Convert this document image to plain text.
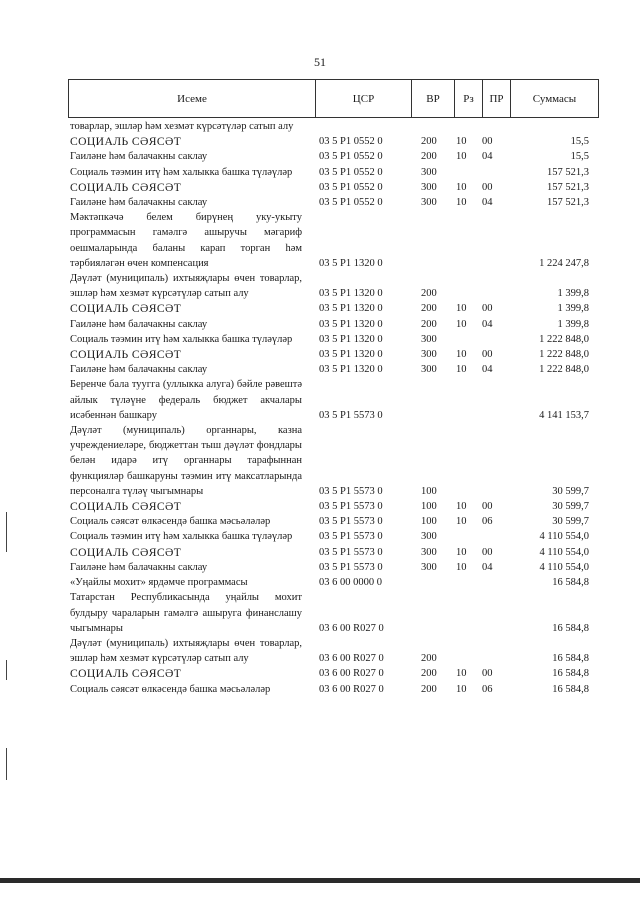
51
Исеме	ЦСР	ВР	Рз	ПР	Суммасы
товарлар, эшләр һәм хезмәт күрсәтүләр сатып алу
СОЦИАЛЬ СӘЯСӘТ	03 5 P1 0552 0	200 10 00	15,5
Гаиләне һәм балачакны саклау	03 5 P1 0552 0	200 10 04	15,5
Социаль тәэмин итү һәм халыкка башка түләүләр	03 5 P1 0552 0	300	157 521,3
СОЦИАЛЬ СӘЯСӘТ	03 5 P1 0552 0	300 10 00	157 521,3
Гаиләне һәм балачакны саклау	03 5 P1 0552 0	300 10 04	157 521,3
Мәктәпкәчә белем бирүнең уку-укыту программасын гамәлгә ашыручы мәгариф оешмаларында баланы карап торган һәм тәрбияләгән өчен компенсация	03 5 P1 1320 0	1 224 247,8
Дәүләт (муниципаль) ихтыяҗлары өчен товарлар, эшләр һәм хезмәт күрсәтүләр сатып алу	03 5 P1 1320 0	200	1 399,8
СОЦИАЛЬ СӘЯСӘТ	03 5 P1 1320 0	200 10 00	1 399,8
Гаиләне һәм балачакны саклау	03 5 P1 1320 0	200 10 04	1 399,8
Социаль тәэмин итү һәм халыкка башка түләүләр	03 5 P1 1320 0	300	1 222 848,0
СОЦИАЛЬ СӘЯСӘТ	03 5 P1 1320 0	300 10 00	1 222 848,0
Гаиләне һәм балачакны саклау	03 5 P1 1320 0	300 10 04	1 222 848,0
Беренче бала туугга (уллыкка алуга) бәйле рәвештә айлык түләүне федераль бюджет акчалары исәбеннән башкару	03 5 P1 5573 0	4 141 153,7
Дәүләт (муниципаль) органнары, казна учреждениеләре, бюджеттан тыш дәүләт фондлары белән идарә итү органнары тарафыннан функцияләр башкаруны тәэмин итү максатларында персоналга түләү чыгымнары	03 5 P1 5573 0	100	30 599,7
СОЦИАЛЬ СӘЯСӘТ	03 5 P1 5573 0	100 10 00	30 599,7
Социаль сәясәт өлкәсендә башка мәсьәләләр	03 5 P1 5573 0	100 10 06	30 599,7
Социаль тәэмин итү һәм халыкка башка түләүләр	03 5 P1 5573 0	300	4 110 554,0
СОЦИАЛЬ СӘЯСӘТ	03 5 P1 5573 0	300 10 00	4 110 554,0
Гаиләне һәм балачакны саклау	03 5 P1 5573 0	300 10 04	4 110 554,0
«Уңайлы мохит» ярдәмче программасы	03 6 00 0000 0	16 584,8
Татарстан Республикасында уңайлы мохит булдыру чараларын гамәлгә ашыруга финанслашу чыгымнары	03 6 00 R027 0	16 584,8
Дәүләт (муниципаль) ихтыяҗлары өчен товарлар, эшләр һәм хезмәт күрсәтүләр сатып алу	03 6 00 R027 0	200	16 584,8
СОЦИАЛЬ СӘЯСӘТ	03 6 00 R027 0	200 10 00	16 584,8
Социаль сәясәт өлкәсендә башка мәсьәләләр	03 6 00 R027 0	200 10 06	16 584,8
